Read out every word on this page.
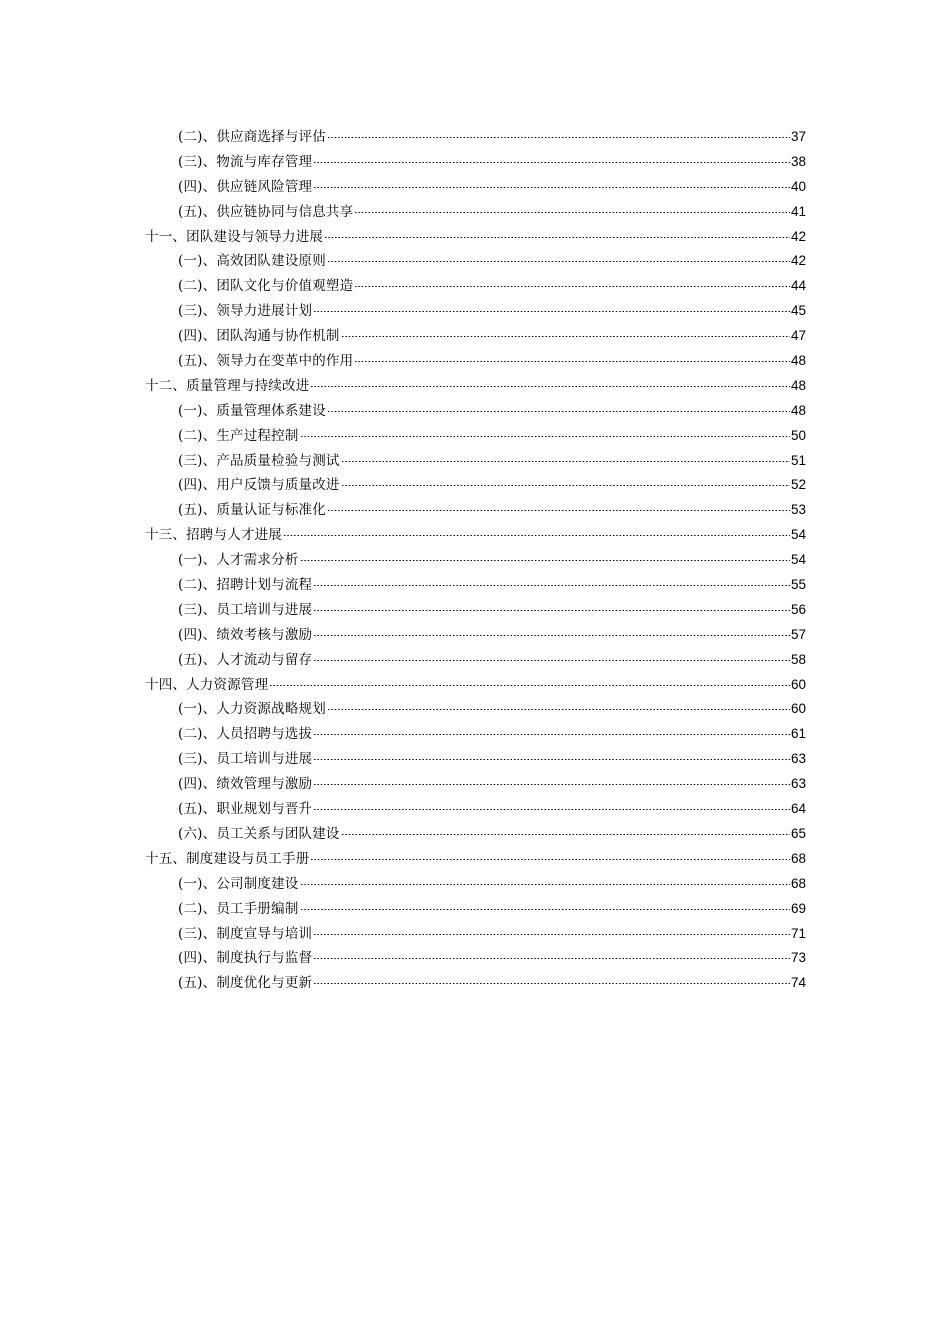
(二)、供应商选择与评估	37
(三)、物流与库存管理	38
(四)、供应链风险管理	40
(五)、供应链协同与信息共享	41
十一、团队建设与领导力进展	42
(一)、高效团队建设原则	42
(二)、团队文化与价值观塑造	44
(三)、领导力进展计划	45
(四)、团队沟通与协作机制	47
(五)、领导力在变革中的作用	48
十二、质量管理与持续改进	48
(一)、质量管理体系建设	48
(二)、生产过程控制	50
(三)、产品质量检验与测试	51
(四)、用户反馈与质量改进	52
(五)、质量认证与标准化	53
十三、招聘与人才进展	54
(一)、人才需求分析	54
(二)、招聘计划与流程	55
(三)、员工培训与进展	56
(四)、绩效考核与激励	57
(五)、人才流动与留存	58
十四、人力资源管理	60
(一)、人力资源战略规划	60
(二)、人员招聘与选拔	61
(三)、员工培训与进展	63
(四)、绩效管理与激励	63
(五)、职业规划与晋升	64
(六)、员工关系与团队建设	65
十五、制度建设与员工手册	68
(一)、公司制度建设	68
(二)、员工手册编制	69
(三)、制度宣导与培训	71
(四)、制度执行与监督	73
(五)、制度优化与更新	74
